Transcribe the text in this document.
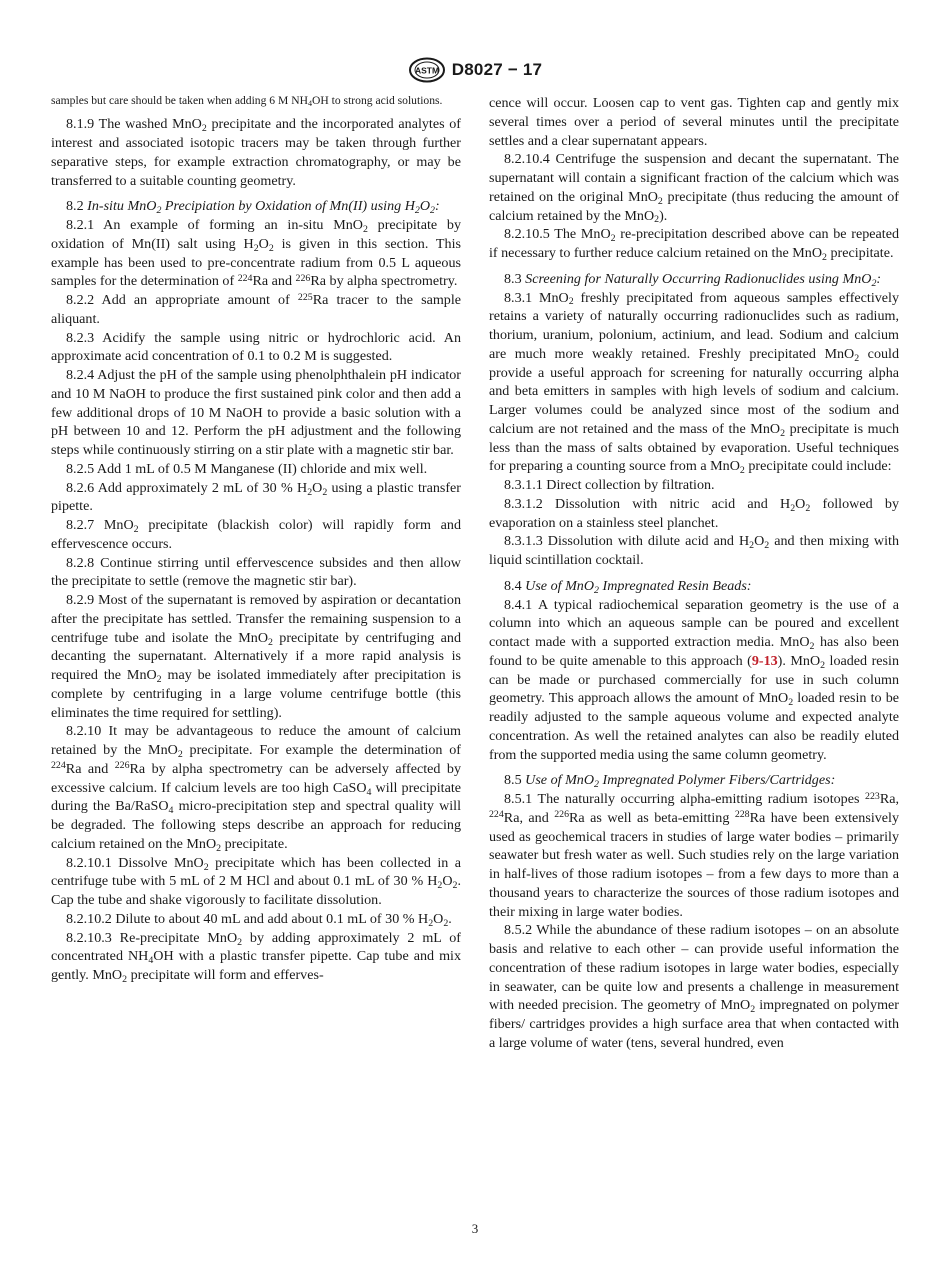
ASTM D8027 − 17

samples but care should be taken when adding 6 M $NH_4OH$ to strong acid solutions.

8.1.9 The washed MnO$_2$ precipitate and the incorporated analytes of interest and associated isotopic tracers may be taken through further separative steps, for example extraction chromatography, or may be transferred to a suitable counting geometry.

8.2 In-situ MnO$_2$ Precipiation by Oxidation of Mn(II) using $H_2O_2$:

8.2.1 An example of forming an in-situ MnO$_2$ precipitate by oxidation of Mn(II) salt using $H_2O_2$ is given in this section. This example has been used to pre-concentrate radium from 0.5 L aqueous samples for the determination of $^{224}$Ra and $^{226}$Ra by alpha spectrometry.

8.2.2 Add an appropriate amount of $^{225}$Ra tracer to the sample aliquant.

8.2.3 Acidify the sample using nitric or hydrochloric acid. An approximate acid concentration of 0.1 to 0.2 M is suggested.

8.2.4 Adjust the pH of the sample using phenolphthalein pH indicator and 10 M NaOH to produce the first sustained pink color and then add a few additional drops of 10 M NaOH to provide a basic solution with a pH between 10 and 12. Perform the pH adjustment and the following steps while continuously stirring on a stir plate with a magnetic stir bar.

8.2.5 Add 1 mL of 0.5 M Manganese (II) chloride and mix well.

8.2.6 Add approximately 2 mL of 30 % $H_2O_2$ using a plastic transfer pipette.

8.2.7 MnO$_2$ precipitate (blackish color) will rapidly form and effervescence occurs.

8.2.8 Continue stirring until effervescence subsides and then allow the precipitate to settle (remove the magnetic stir bar).

8.2.9 Most of the supernatant is removed by aspiration or decantation after the precipitate has settled. Transfer the remaining suspension to a centrifuge tube and isolate the MnO$_2$ precipitate by centrifuging and decanting the supernatant. Alternatively if a more rapid analysis is required the MnO$_2$ may be isolated immediately after precipitation is complete by centrifuging in a large volume centrifuge bottle (this eliminates the time required for settling).

8.2.10 It may be advantageous to reduce the amount of calcium retained by the MnO$_2$ precipitate. For example the determination of $^{224}$Ra and $^{226}$Ra by alpha spectrometry can be adversely affected by excessive calcium. If calcium levels are too high CaSO$_4$ will precipitate during the Ba/RaSO$_4$ micro-precipitation step and spectral quality will be degraded. The following steps describe an approach for reducing calcium retained on the MnO$_2$ precipitate.

8.2.10.1 Dissolve MnO$_2$ precipitate which has been collected in a centrifuge tube with 5 mL of 2 M HCl and about 0.1 mL of 30 % $H_2O_2$. Cap the tube and shake vigorously to facilitate dissolution.

8.2.10.2 Dilute to about 40 mL and add about 0.1 mL of 30 % $H_2O_2$.

8.2.10.3 Re-precipitate MnO$_2$ by adding approximately 2 mL of concentrated $NH_4OH$ with a plastic transfer pipette. Cap tube and mix gently. MnO$_2$ precipitate will form and efferves-

cence will occur. Loosen cap to vent gas. Tighten cap and gently mix several times over a period of several minutes until the precipitate settles and a clear supernatant appears.

8.2.10.4 Centrifuge the suspension and decant the supernatant. The supernatant will contain a significant fraction of the calcium which was retained on the original MnO$_2$ precipitate (thus reducing the amount of calcium retained by the MnO$_2$).

8.2.10.5 The MnO$_2$ re-precipitation described above can be repeated if necessary to further reduce calcium retained on the MnO$_2$ precipitate.

8.3 Screening for Naturally Occurring Radionuclides using MnO$_2$:

8.3.1 MnO$_2$ freshly precipitated from aqueous samples effectively retains a variety of naturally occurring radionuclides such as radium, thorium, uranium, polonium, actinium, and lead. Sodium and calcium are much more weakly retained. Freshly precipitated MnO$_2$ could provide a useful approach for screening for naturally occurring alpha and beta emitters in samples with high levels of sodium and calcium. Larger volumes could be analyzed since most of the sodium and calcium are not retained and the mass of the MnO$_2$ precipitate is much less than the mass of salts obtained by evaporation. Useful techniques for preparing a counting source from a MnO$_2$ precipitate could include:

8.3.1.1 Direct collection by filtration.

8.3.1.2 Dissolution with nitric acid and $H_2O_2$ followed by evaporation on a stainless steel planchet.

8.3.1.3 Dissolution with dilute acid and $H_2O_2$ and then mixing with liquid scintillation cocktail.

8.4 Use of MnO$_2$ Impregnated Resin Beads:

8.4.1 A typical radiochemical separation geometry is the use of a column into which an aqueous sample can be poured and excellent contact made with a supported extraction media. MnO$_2$ has also been found to be quite amenable to this approach (9-13). MnO$_2$ loaded resin can be made or purchased commercially for use in such column geometry. This approach allows the amount of MnO$_2$ loaded resin to be readily adjusted to the sample aqueous volume and expected analyte concentration. As well the retained analytes can also be readily eluted from the supported media using the same column geometry.

8.5 Use of MnO$_2$ Impregnated Polymer Fibers/Cartridges:

8.5.1 The naturally occurring alpha-emitting radium isotopes $^{223}$Ra, $^{224}$Ra, and $^{226}$Ra as well as beta-emitting $^{228}$Ra have been extensively used as geochemical tracers in studies of large water bodies – primarily seawater but fresh water as well. Such studies rely on the large variation in half-lives of those radium isotopes – from a few days to more than a thousand years to characterize the sources of those radium isotopes and their mixing in large water bodies.

8.5.2 While the abundance of these radium isotopes – on an absolute basis and relative to each other – can provide useful information the concentration of these radium isotopes in large water bodies, especially in seawater, can be quite low and presents a challenge in measurement with needed precision. The geometry of MnO$_2$ impregnated on polymer fibers/ cartridges provides a high surface area that when contacted with a large volume of water (tens, several hundred, even

3
